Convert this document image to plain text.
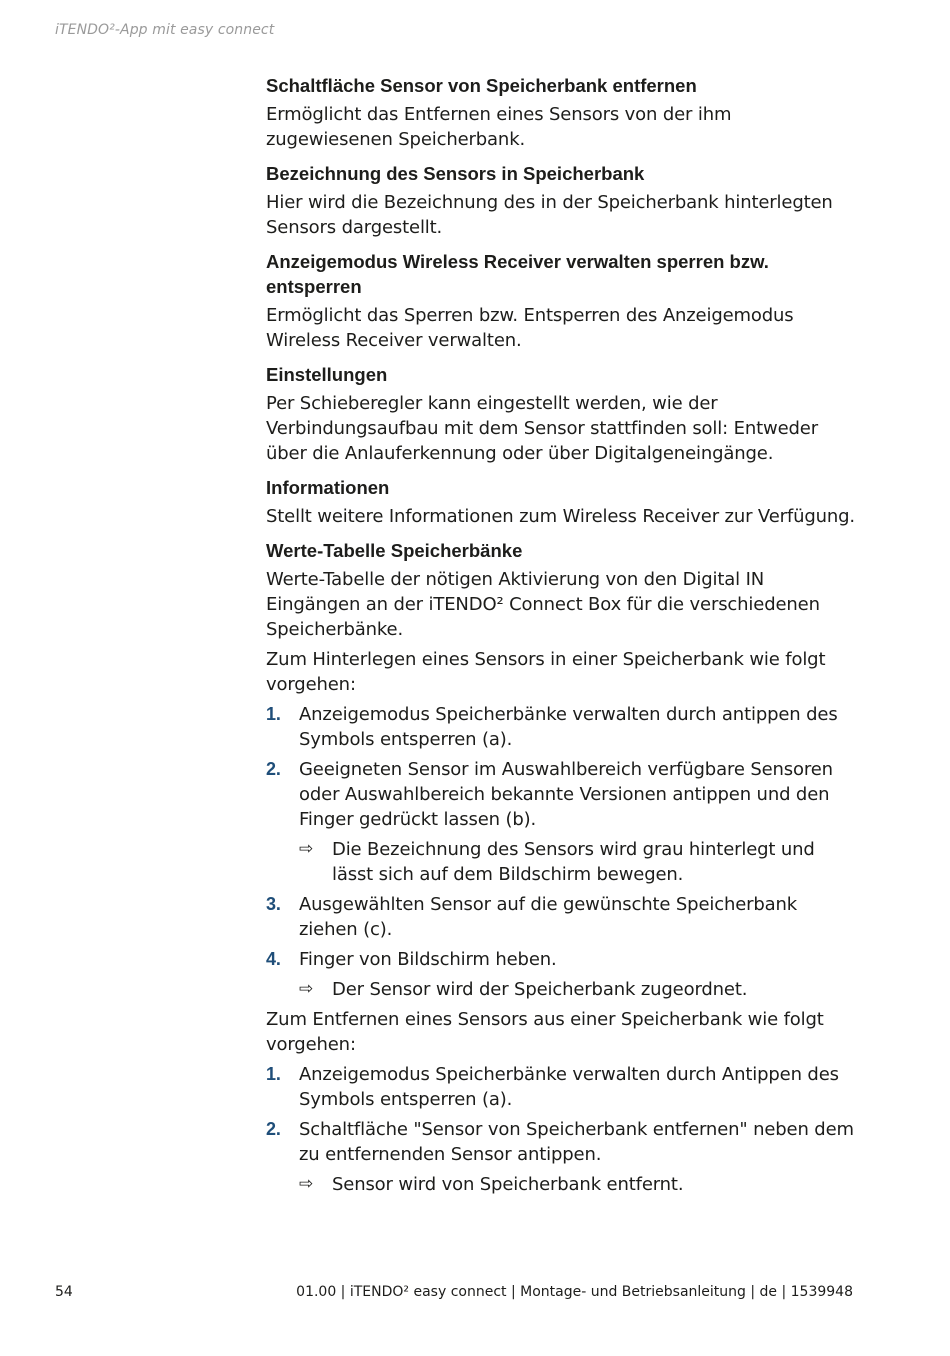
iTENDO²-App mit easy connect
Schaltfläche Sensor von Speicherbank entfernen

Ermöglicht das Entfernen eines Sensors von der ihm zugewiesenen Speicherbank.

Bezeichnung des Sensors in Speicherbank

Hier wird die Bezeichnung des in der Speicherbank hinterlegten Sensors dargestellt.

Anzeigemodus Wireless Receiver verwalten sperren bzw. entsperren

Ermöglicht das Sperren bzw. Entsperren des Anzeigemodus Wireless Receiver verwalten.

Einstellungen

Per Schieberegler kann eingestellt werden, wie der Verbindungsaufbau mit dem Sensor stattfinden soll: Entweder über die Anlauferkennung oder über Digitalgeneingänge.

Informationen

Stellt weitere Informationen zum Wireless Receiver zur Verfügung.

Werte-Tabelle Speicherbänke

Werte-Tabelle der nötigen Aktivierung von den Digital IN Eingängen an der iTENDO² Connect Box für die verschiedenen Speicherbänke.

Zum Hinterlegen eines Sensors in einer Speicherbank wie folgt vorgehen:

1. Anzeigemodus Speicherbänke verwalten durch antippen des Symbols entsperren (a).
2. Geeigneten Sensor im Auswahlbereich verfügbare Sensoren oder Auswahlbereich bekannte Versionen antippen und den Finger gedrückt lassen (b).
⇨ Die Bezeichnung des Sensors wird grau hinterlegt und lässt sich auf dem Bildschirm bewegen.
3. Ausgewählten Sensor auf die gewünschte Speicherbank ziehen (c).
4. Finger von Bildschirm heben.
⇨ Der Sensor wird der Speicherbank zugeordnet.

Zum Entfernen eines Sensors aus einer Speicherbank wie folgt vorgehen:

1. Anzeigemodus Speicherbänke verwalten durch Antippen des Symbols entsperren (a).
2. Schaltfläche "Sensor von Speicherbank entfernen" neben dem zu entfernenden Sensor antippen.
⇨ Sensor wird von Speicherbank entfernt.
54	01.00 | iTENDO² easy connect | Montage- und Betriebsanleitung | de | 1539948
